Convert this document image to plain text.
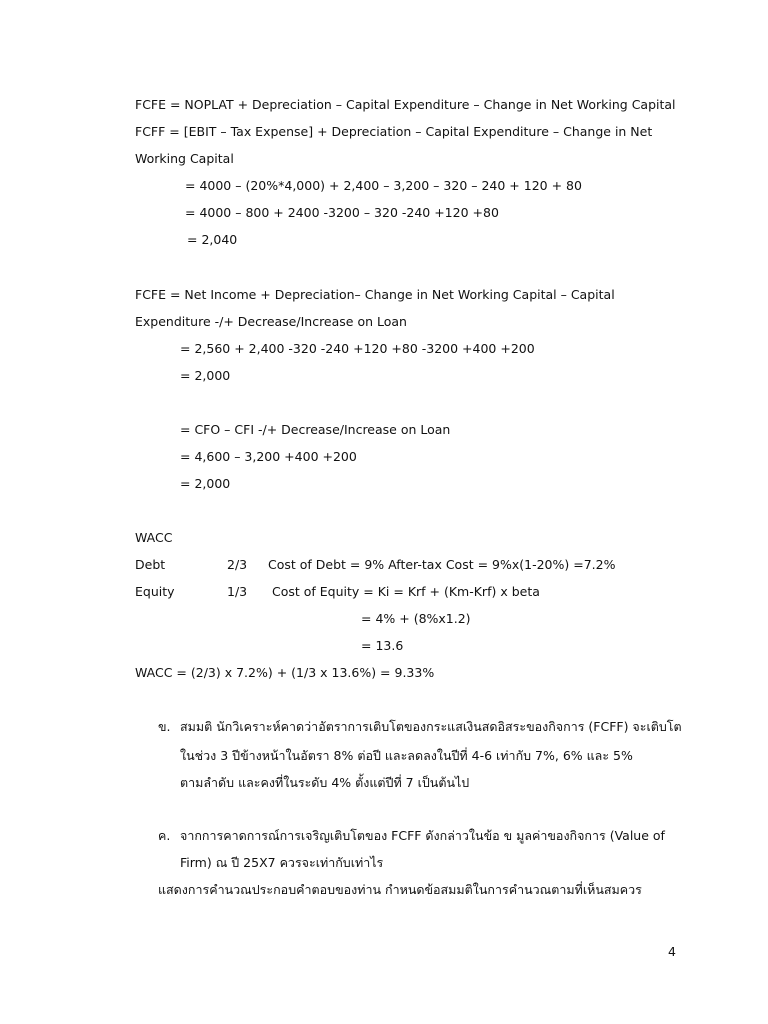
FCFE = NOPLAT + Depreciation – Capital Expenditure – Change in Net Working Capital
FCFF = [EBIT – Tax Expense] + Depreciation – Capital Expenditure – Change in Net
Working Capital
= 4000 – (20%*4,000) + 2,400 – 3,200 – 320 – 240 + 120 + 80
= 4000 – 800 + 2400 -3200 – 320 -240 +120 +80
= 2,040
FCFE = Net Income + Depreciation– Change in Net Working Capital – Capital
Expenditure -/+ Decrease/Increase on Loan
= 2,560 + 2,400 -320 -240 +120 +80 -3200 +400 +200
= 2,000
= CFO – CFI -/+ Decrease/Increase on Loan
= 4,600 – 3,200 +400 +200
= 2,000
WACC
Debt	2/3 Cost of Debt = 9% After-tax Cost = 9%x(1-20%) =7.2%
Equity	1/3 Cost of Equity = Ki = Krf + (Km-Krf) x beta
= 4% + (8%x1.2)
= 13.6
WACC = (2/3) x 7.2%) + (1/3 x 13.6%) = 9.33%
ข. สมมติ นักวิเคราะห์คาดว่าอัตราการเติบโตของกระแสเงินสดอิสระของกิจการ (FCFF) จะเติบโต
ในช่วง 3 ปีข้างหน้าในอัตรา 8% ต่อปี และลดลงในปีที่ 4-6 เท่ากับ 7%, 6% และ 5%
ตามลำดับ และคงที่ในระดับ 4% ตั้งแต่ปีที่ 7 เป็นต้นไป
ค. จากการคาดการณ์การเจริญเติบโตของ FCFF ดังกล่าวในข้อ ข มูลค่าของกิจการ (Value of
Firm) ณ ปี 25X7 ควรจะเท่ากับเท่าไร
แสดงการคำนวณประกอบคำตอบของท่าน กำหนดข้อสมมติในการคำนวณตามที่เห็นสมควร
4
